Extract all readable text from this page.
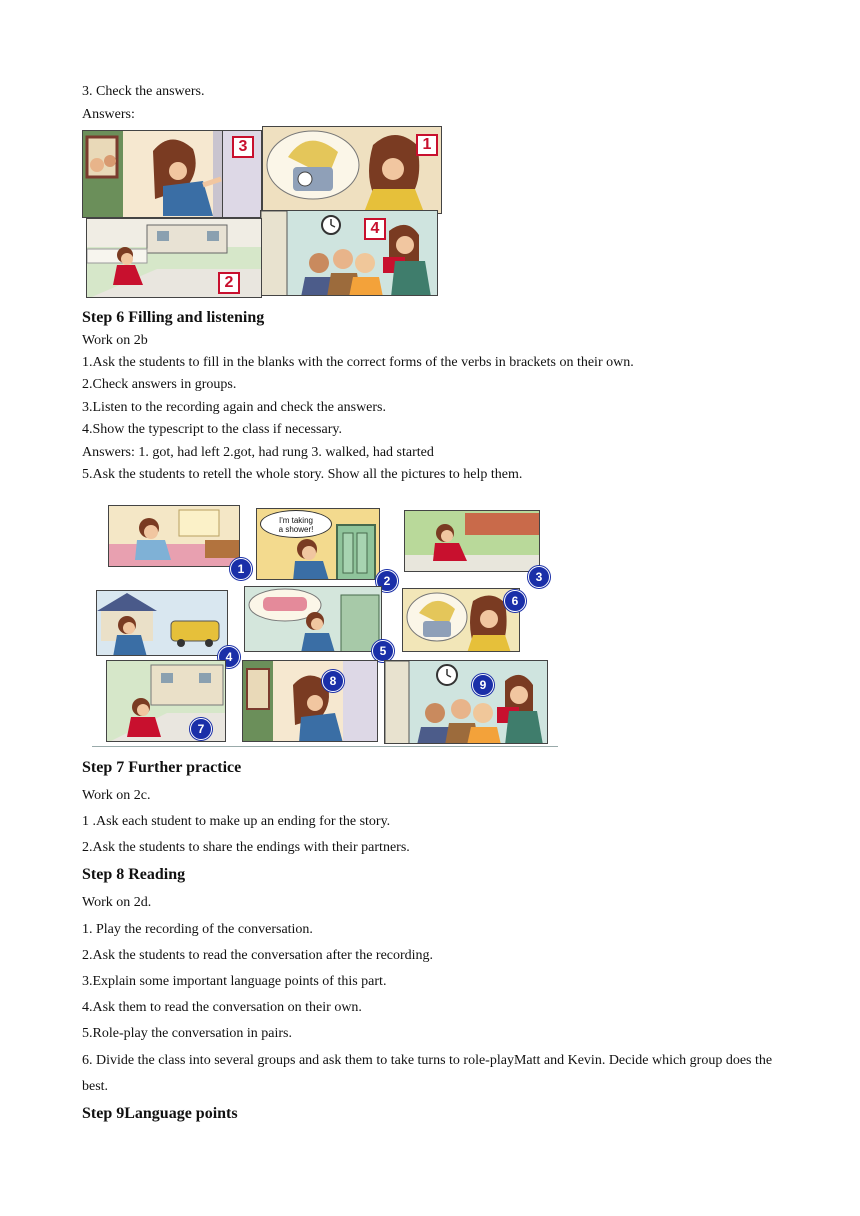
3. Check the answers.
Answers:
3	1
4
2
Step 6 Filling and listening
Work on 2b
1.Ask the students to fill in the blanks with the correct forms of the verbs in brackets on their own.
2.Check answers in groups.
3.Listen to the recording again and check the answers.
4.Show the typescript to the class if necessary.
Answers: 1. got, had left 2.got, had rung 3. walked, had started
5.Ask the students to retell the whole story. Show all the pictures to help them.
1
I'm taking
a shower!
2	3
4	5
6
7
8	9
Step 7 Further practice
Work on 2c.
1 .Ask each student to make up an ending for the story.
2.Ask the students to share the endings with their partners.
Step 8 Reading
Work on 2d.
1. Play the recording of the conversation.
2.Ask the students to read the conversation after the recording.
3.Explain some important language points of this part.
4.Ask them to read the conversation on their own.
5.Role-play the conversation in pairs.
6. Divide the class into several groups and ask them to take turns to role-playMatt and Kevin. Decide which group does the best.
Step 9Language points
